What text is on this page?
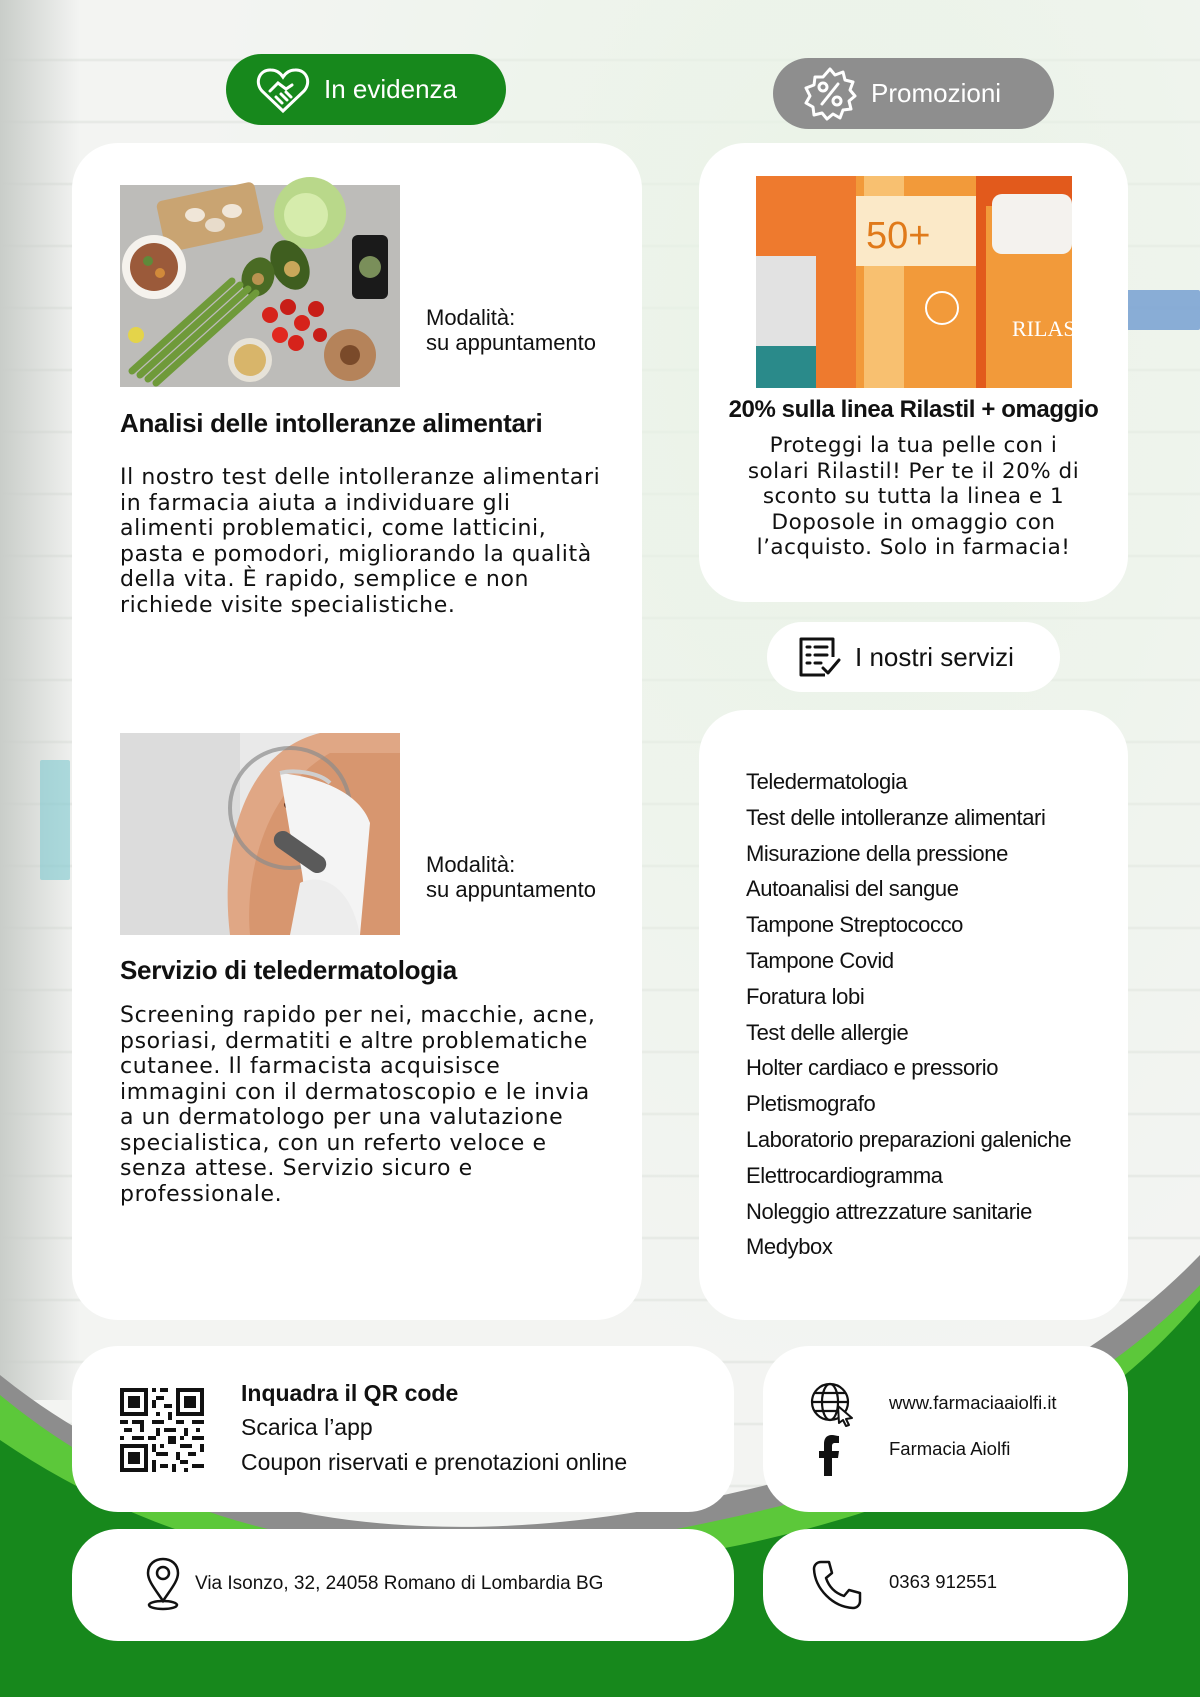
In evidenza	Promozioni
I nostri servizi
Modalità:
su appuntamento
Analisi delle intolleranze alimentari
Il nostro test delle intolleranze alimentari in farmacia aiuta a individuare gli alimenti problematici, come latticini, pasta e pomodori, migliorando la qualità della vita. È rapido, semplice e non richiede visite specialistiche.
Modalità:
su appuntamento
Servizio di teledermatologia
Screening rapido per nei, macchie, acne, psoriasi, dermatiti e altre problematiche cutanee. Il farmacista acquisisce immagini con il dermatoscopio e le invia a un dermatologo per una valutazione specialistica, con un referto veloce e senza attese. Servizio sicuro e professionale.
50+
RILAST
20% sulla linea Rilastil + omaggio
Proteggi la tua pelle con i solari Rilastil! Per te il 20% di sconto su tutta la linea e 1 Doposole in omaggio con l’acquisto. Solo in farmacia!
Teledermatologia
Test delle intolleranze alimentari
Misurazione della pressione
Autoanalisi del sangue
Tampone Streptococco
Tampone Covid
Foratura lobi
Test delle allergie
Holter cardiaco e pressorio
Pletismografo
Laboratorio preparazioni galeniche
Elettrocardiogramma
Noleggio attrezzature sanitarie
Medybox
Inquadra il QR code
Scarica l’app
Coupon riservati e prenotazioni online
www.farmaciaaiolfi.it
Farmacia Aiolfi
Via Isonzo, 32, 24058 Romano di Lombardia BG	0363 912551
